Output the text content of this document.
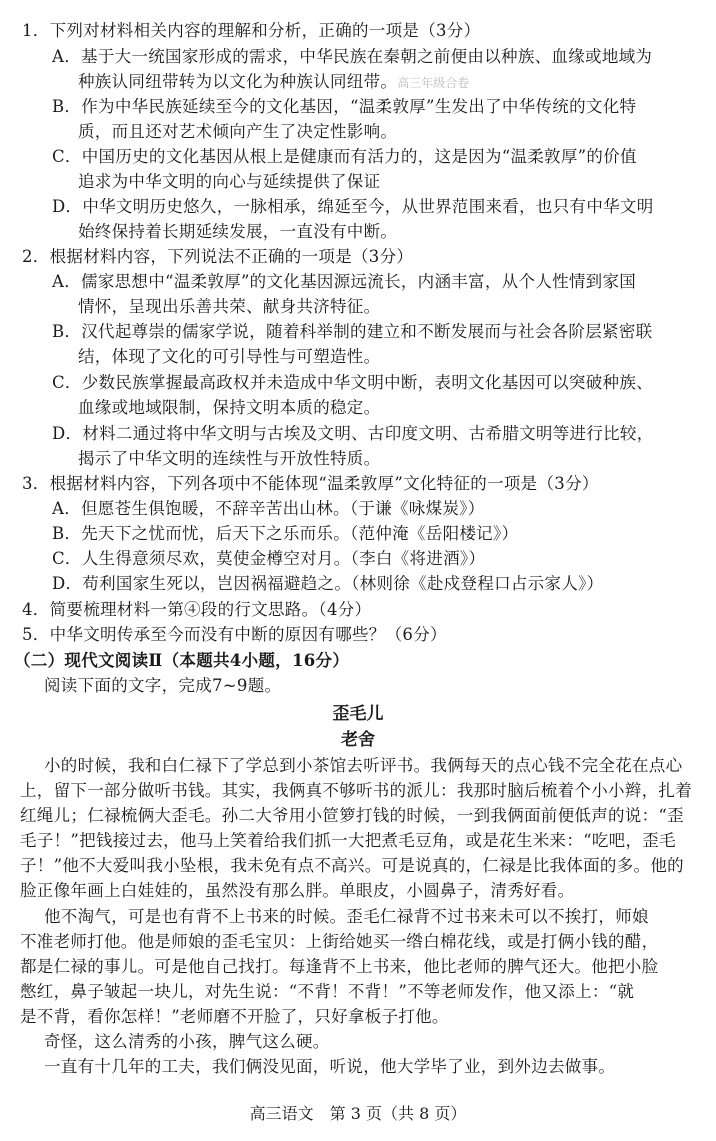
1．下列对材料相关内容的理解和分析，正确的一项是（3分）
A．基于大一统国家形成的需求，中华民族在秦朝之前便由以种族、血缘或地域为
种族认同纽带转为以文化为种族认同纽带。高三年级合卷
B．作为中华民族延续至今的文化基因，“温柔敦厚”生发出了中华传统的文化特
质，而且还对艺术倾向产生了决定性影响。
C．中国历史的文化基因从根上是健康而有活力的，这是因为“温柔敦厚”的价值
追求为中华文明的向心与延续提供了保证
D．中华文明历史悠久，一脉相承，绵延至今，从世界范围来看，也只有中华文明
始终保持着长期延续发展，一直没有中断。
2．根据材料内容，下列说法不正确的一项是（3分）
A．儒家思想中“温柔敦厚”的文化基因源远流长，内涵丰富，从个人性情到家国
情怀，呈现出乐善共荣、献身共济特征。
B．汉代起尊崇的儒家学说，随着科举制的建立和不断发展而与社会各阶层紧密联
结，体现了文化的可引导性与可塑造性。
C．少数民族掌握最高政权并未造成中华文明中断，表明文化基因可以突破种族、
血缘或地域限制，保持文明本质的稳定。
D．材料二通过将中华文明与古埃及文明、古印度文明、古希腊文明等进行比较，
揭示了中华文明的连续性与开放性特质。
3．根据材料内容，下列各项中不能体现“温柔敦厚”文化特征的一项是（3分）
A．但愿苍生俱饱暖，不辞辛苦出山林。（于谦《咏煤炭》）
B．先天下之忧而忧，后天下之乐而乐。（范仲淹《岳阳楼记》）
C．人生得意须尽欢，莫使金樽空对月。（李白《将进酒》）
D．苟利国家生死以，岂因祸福避趋之。（林则徐《赴戍登程口占示家人》）
4．简要梳理材料一第④段的行文思路。（4分）
5．中华文明传承至今而没有中断的原因有哪些？（6分）
（二）现代文阅读Ⅱ（本题共4小题，16分）
阅读下面的文字，完成7~9题。
歪毛儿
老舍
小的时候，我和白仁禄下了学总到小茶馆去听评书。我俩每天的点心钱不完全花在点心
上，留下一部分做听书钱。其实，我俩真不够听书的派儿：我那时脑后梳着个小小辫，扎着
红绳儿；仁禄梳俩大歪毛。孙二大爷用小笸箩打钱的时候，一到我俩面前便低声的说：“歪
毛子！”把钱接过去，他马上笑着给我们抓一大把煮毛豆角，或是花生米来：“吃吧，歪毛
子！”他不大爱叫我小坠根，我未免有点不高兴。可是说真的，仁禄是比我体面的多。他的
脸正像年画上白娃娃的，虽然没有那么胖。单眼皮，小圆鼻子，清秀好看。
他不淘气，可是也有背不上书来的时候。歪毛仁禄背不过书来未可以不挨打，师娘
不准老师打他。他是师娘的歪毛宝贝：上街给她买一绺白棉花线，或是打俩小钱的醋，
都是仁禄的事儿。可是他自己找打。每逢背不上书来，他比老师的脾气还大。他把小脸
憋红，鼻子皱起一块儿，对先生说：“不背！不背！”不等老师发作，他又添上：“就
是不背，看你怎样！”老师磨不开脸了，只好拿板子打他。
奇怪，这么清秀的小孩，脾气这么硬。
一直有十几年的工夫，我们俩没见面，听说，他大学毕了业，到外边去做事。
高三语文　第 3 页（共 8 页）
